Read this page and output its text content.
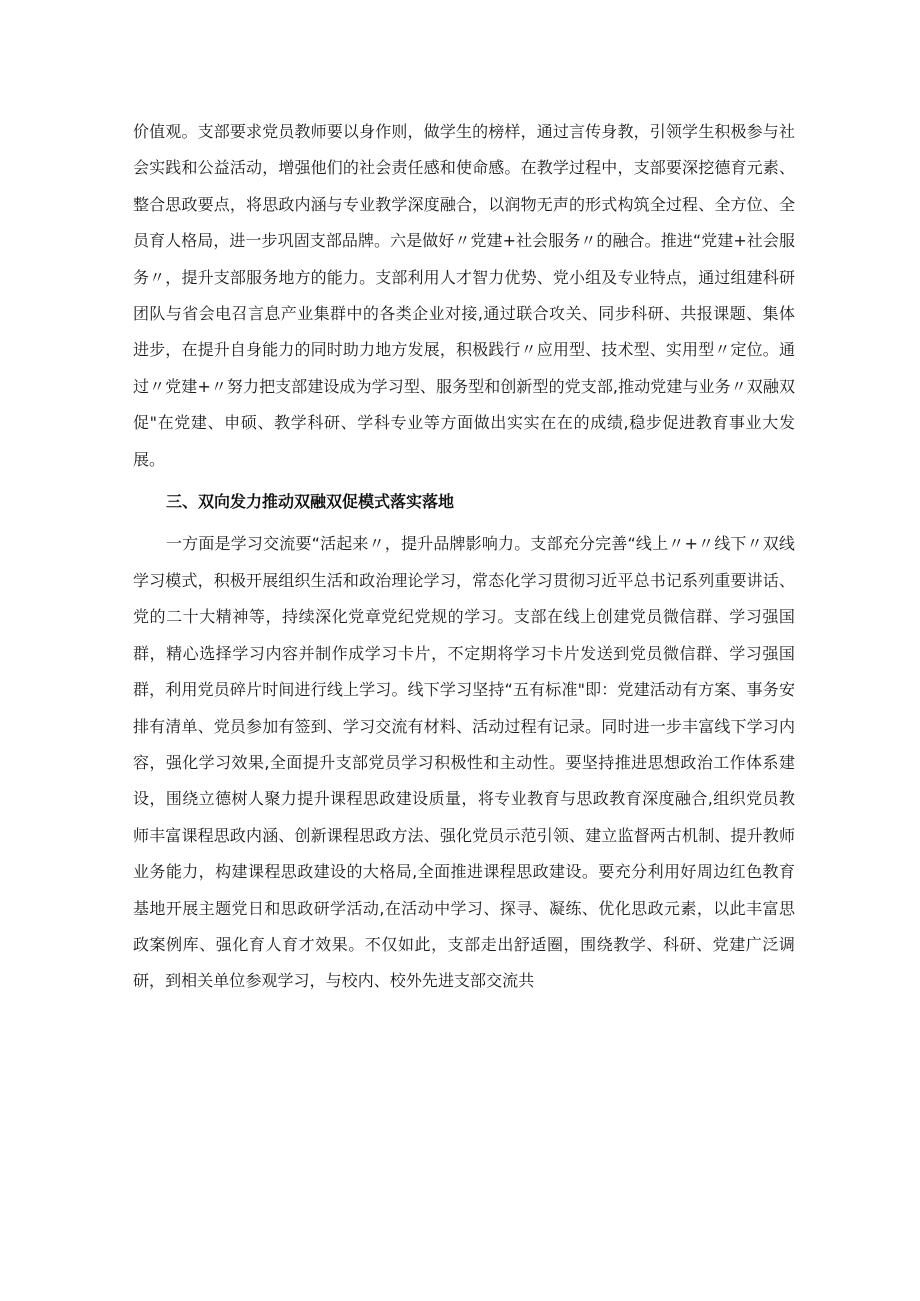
价值观。支部要求党员教师要以身作则，做学生的榜样，通过言传身教，引领学生积极参与社会实践和公益活动，增强他们的社会责任感和使命感。在教学过程中，支部要深挖德育元素、整合思政要点，将思政内涵与专业教学深度融合，以润物无声的形式构筑全过程、全方位、全员育人格局，进一步巩固支部品牌。六是做好〃党建+社会服务〃的融合。推进“党建+社会服务〃，提升支部服务地方的能力。支部利用人才智力优势、党小组及专业特点，通过组建科研团队与省会电召言息产业集群中的各类企业对接,通过联合攻关、同步科研、共报课题、集体进步，在提升自身能力的同时助力地方发展，积极践行〃应用型、技术型、实用型〃定位。通过〃党建+〃努力把支部建设成为学习型、服务型和创新型的党支部,推动党建与业务〃双融双促"在党建、申硕、教学科研、学科专业等方面做出实实在在的成绩,稳步促进教育事业大发展。

三、双向发力推动双融双促模式落实落地

一方面是学习交流要“活起来〃，提升品牌影响力。支部充分完善“线上〃+〃线下〃双线学习模式，积极开展组织生活和政治理论学习，常态化学习贯彻习近平总书记系列重要讲话、党的二十大精神等，持续深化党章党纪党规的学习。支部在线上创建党员微信群、学习强国群，精心选择学习内容并制作成学习卡片，不定期将学习卡片发送到党员微信群、学习强国群，利用党员碎片时间进行线上学习。线下学习坚持“五有标准"即：党建活动有方案、事务安排有清单、党员参加有签到、学习交流有材料、活动过程有记录。同时进一步丰富线下学习内容，强化学习效果,全面提升支部党员学习积极性和主动性。要坚持推进思想政治工作体系建设，围绕立德树人聚力提升课程思政建设质量，将专业教育与思政教育深度融合,组织党员教师丰富课程思政内涵、创新课程思政方法、强化党员示范引领、建立监督两古机制、提升教师业务能力，构建课程思政建设的大格局,全面推进课程思政建设。要充分利用好周边红色教育基地开展主题党日和思政研学活动,在活动中学习、探寻、凝练、优化思政元素，以此丰富思政案例库、强化育人育才效果。不仅如此，支部走出舒适圈，围绕教学、科研、党建广泛调研，到相关单位参观学习，与校内、校外先进支部交流共
